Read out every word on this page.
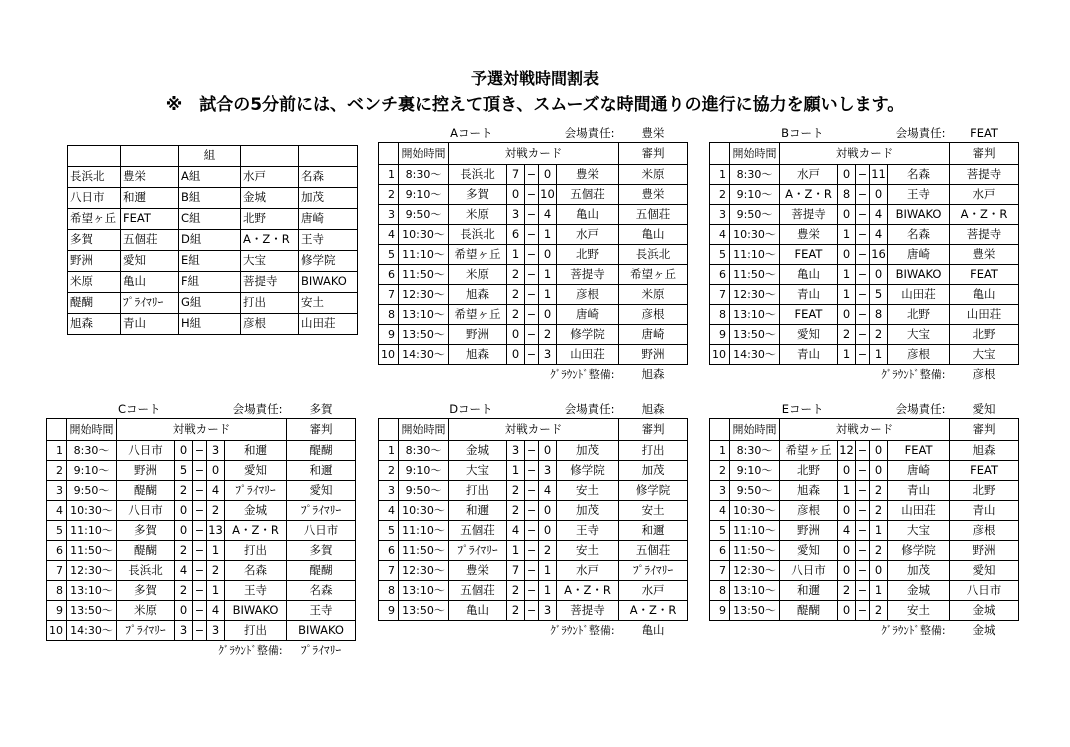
予選対戦時間割表
※　試合の5分前には、ベンチ裏に控えて頂き、スムーズな時間通りの進行に協力を願いします。
		組		
長浜北	豊栄	A組	水戸	名森
八日市	和邇	B組	金城	加茂
希望ヶ丘	FEAT	C組	北野	唐崎
多賀	五個荘	D組	A・Z・R	王寺
野洲	愛知	E組	大宝	修学院
米原	亀山	F組	菩提寺	BIWAKO
醍醐	ﾌﾟﾗｲﾏﾘｰ	G組	打出	安土
旭森	青山	H組	彦根	山田荘
Aコート				会場責任:			豊栄
	開始時間	対戦カード					審判
1	8:30〜	長浜北	7	−	0	豊栄	米原
2	9:10〜	多賀	0	−	10	五個荘	豊栄
3	9:50〜	米原	3	−	4	亀山	五個荘
4	10:30〜	長浜北	6	−	1	水戸	亀山
5	11:10〜	希望ヶ丘	1	−	0	北野	長浜北
6	11:50〜	米原	2	−	1	菩提寺	希望ヶ丘
7	12:30〜	旭森	2	−	1	彦根	米原
8	13:10〜	希望ヶ丘	2	−	0	唐崎	彦根
9	13:50〜	野洲	0	−	2	修学院	唐崎
10	14:30〜	旭森	0	−	3	山田荘	野洲
				ｸﾞﾗｳﾝﾄﾞ整備:			旭森
Bコート				会場責任:			FEAT
	開始時間	対戦カード					審判
1	8:30〜	水戸	0	−	11	名森	菩提寺
2	9:10〜	A・Z・R	8	−	0	王寺	水戸
3	9:50〜	菩提寺	0	−	4	BIWAKO	A・Z・R
4	10:30〜	豊栄	1	−	4	名森	菩提寺
5	11:10〜	FEAT	0	−	16	唐崎	豊栄
6	11:50〜	亀山	1	−	0	BIWAKO	FEAT
7	12:30〜	青山	1	−	5	山田荘	亀山
8	13:10〜	FEAT	0	−	8	北野	山田荘
9	13:50〜	愛知	2	−	2	大宝	北野
10	14:30〜	青山	1	−	1	彦根	大宝
				ｸﾞﾗｳﾝﾄﾞ整備:			彦根
Cコート				会場責任:			多賀
	開始時間	対戦カード					審判
1	8:30〜	八日市	0	−	3	和邇	醍醐
2	9:10〜	野洲	5	−	0	愛知	和邇
3	9:50〜	醍醐	2	−	4	ﾌﾟﾗｲﾏﾘｰ	愛知
4	10:30〜	八日市	0	−	2	金城	ﾌﾟﾗｲﾏﾘｰ
5	11:10〜	多賀	0	−	13	A・Z・R	八日市
6	11:50〜	醍醐	2	−	1	打出	多賀
7	12:30〜	長浜北	4	−	2	名森	醍醐
8	13:10〜	多賀	2	−	1	王寺	名森
9	13:50〜	米原	0	−	4	BIWAKO	王寺
10	14:30〜	ﾌﾟﾗｲﾏﾘｰ	3	−	3	打出	BIWAKO
				ｸﾞﾗｳﾝﾄﾞ整備:			ﾌﾟﾗｲﾏﾘｰ
Dコート				会場責任:			旭森
	開始時間	対戦カード					審判
1	8:30〜	金城	3	−	0	加茂	打出
2	9:10〜	大宝	1	−	3	修学院	加茂
3	9:50〜	打出	2	−	4	安土	修学院
4	10:30〜	和邇	2	−	0	加茂	安土
5	11:10〜	五個荘	4	−	0	王寺	和邇
6	11:50〜	ﾌﾟﾗｲﾏﾘｰ	1	−	2	安土	五個荘
7	12:30〜	豊栄	7	−	1	水戸	ﾌﾟﾗｲﾏﾘｰ
8	13:10〜	五個荘	2	−	1	A・Z・R	水戸
9	13:50〜	亀山	2	−	3	菩提寺	A・Z・R
				ｸﾞﾗｳﾝﾄﾞ整備:			亀山
Eコート				会場責任:			愛知
	開始時間	対戦カード					審判
1	8:30〜	希望ヶ丘	12	−	0	FEAT	旭森
2	9:10〜	北野	0	−	0	唐崎	FEAT
3	9:50〜	旭森	1	−	2	青山	北野
4	10:30〜	彦根	0	−	2	山田荘	青山
5	11:10〜	野洲	4	−	1	大宝	彦根
6	11:50〜	愛知	0	−	2	修学院	野洲
7	12:30〜	八日市	0	−	0	加茂	愛知
8	13:10〜	和邇	2	−	1	金城	八日市
9	13:50〜	醍醐	0	−	2	安土	金城
				ｸﾞﾗｳﾝﾄﾞ整備:			金城
